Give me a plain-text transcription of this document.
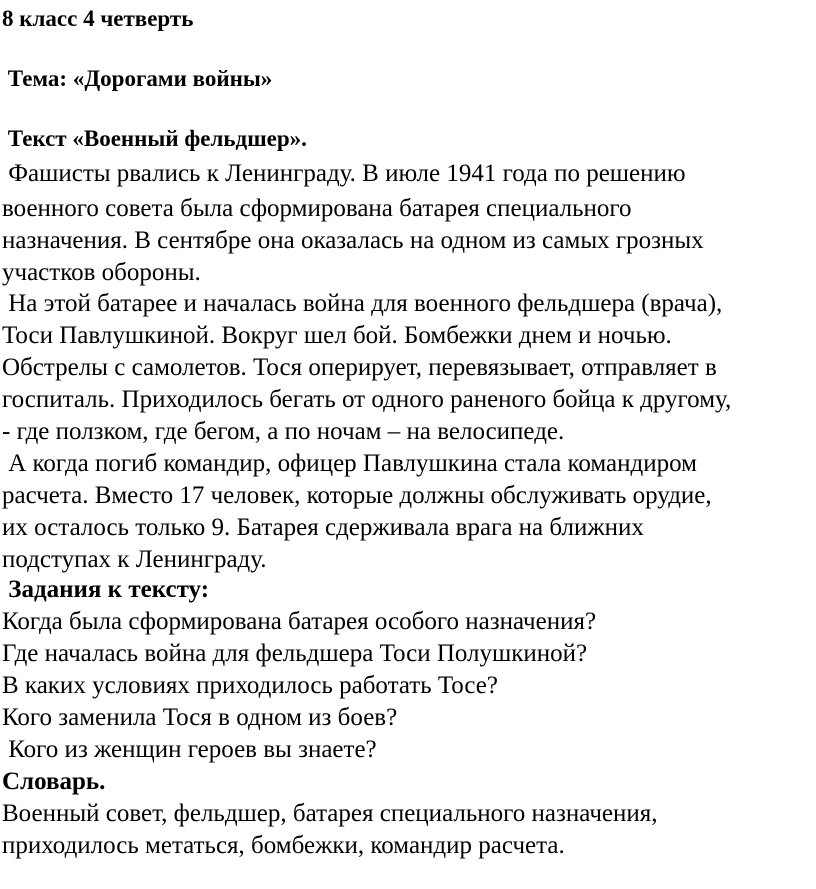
8 класс 4 четверть
Тема: «Дорогами войны»
Текст «Военный фельдшер».
Фашисты рвались к Ленинграду. В июле 1941 года по решению
военного совета была сформирована батарея специального
назначения. В сентябре она оказалась на одном из самых грозных
участков обороны.
На этой батарее и началась война для военного фельдшера (врача),
Тоси Павлушкиной. Вокруг шел бой. Бомбежки днем и ночью.
Обстрелы с самолетов. Тося оперирует, перевязывает, отправляет в
госпиталь. Приходилось бегать от одного раненого бойца к другому,
- где ползком, где бегом, а по ночам – на велосипеде.
А когда погиб командир, офицер Павлушкина стала командиром
расчета. Вместо 17 человек, которые должны обслуживать орудие,
их осталось только 9. Батарея сдерживала врага на ближних
подступах к Ленинграду.
Задания к тексту:
Когда была сформирована батарея особого назначения?
Где началась война для фельдшера Тоси Полушкиной?
В каких условиях приходилось работать Тосе?
Кого заменила Тося в одном из боев?
Кого из женщин героев вы знаете?
Словарь.
Военный совет, фельдшер, батарея специального назначения,
приходилось метаться, бомбежки, командир расчета.
